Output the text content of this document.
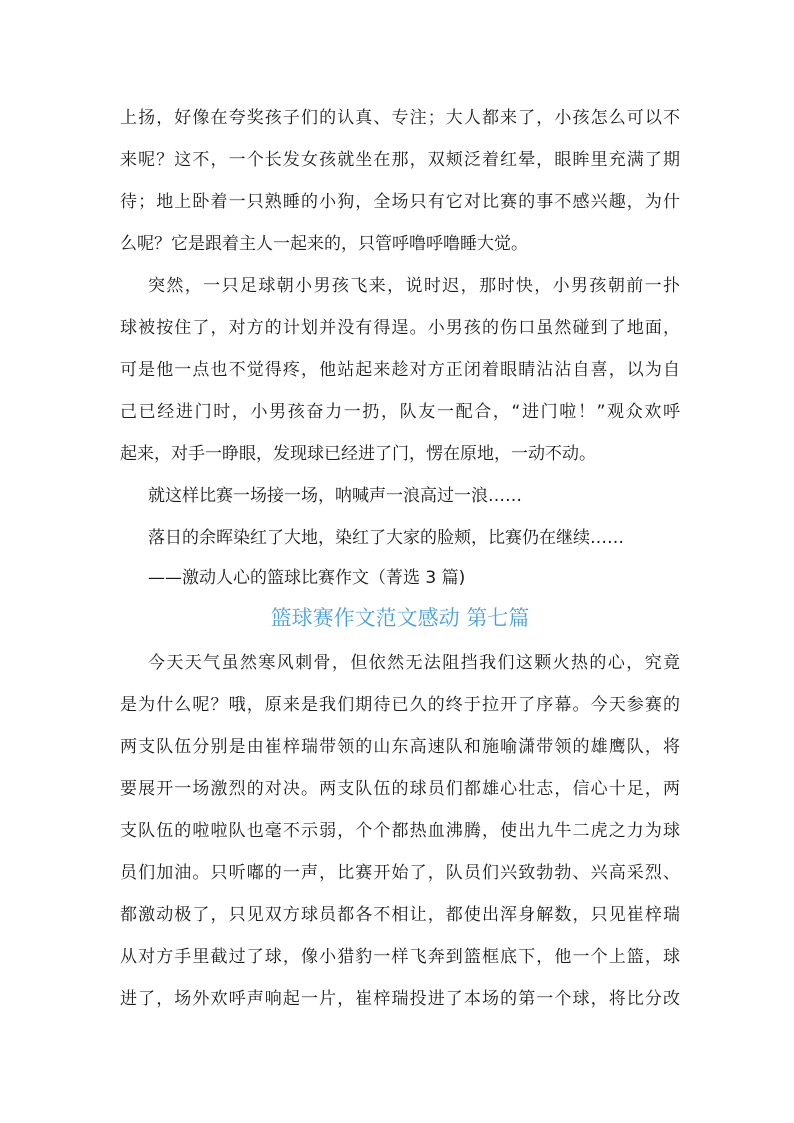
上扬，好像在夸奖孩子们的认真、专注；大人都来了，小孩怎么可以不
来呢？这不，一个长发女孩就坐在那，双颊泛着红晕，眼眸里充满了期
待；地上卧着一只熟睡的小狗，全场只有它对比赛的事不感兴趣，为什
么呢？它是跟着主人一起来的，只管呼噜呼噜睡大觉。
突然，一只足球朝小男孩飞来，说时迟，那时快，小男孩朝前一扑
球被按住了，对方的计划并没有得逞。小男孩的伤口虽然碰到了地面，
可是他一点也不觉得疼，他站起来趁对方正闭着眼睛沾沾自喜，以为自
己已经进门时，小男孩奋力一扔，队友一配合，“进门啦！”观众欢呼
起来，对手一睁眼，发现球已经进了门，愣在原地，一动不动。
就这样比赛一场接一场，呐喊声一浪高过一浪……
落日的余晖染红了大地，染红了大家的脸颊，比赛仍在继续……
——激动人心的篮球比赛作文（菁选 3 篇)
篮球赛作文范文感动 第七篇
今天天气虽然寒风刺骨，但依然无法阻挡我们这颗火热的心，究竟
是为什么呢？哦，原来是我们期待已久的终于拉开了序幕。今天参赛的
两支队伍分别是由崔梓瑞带领的山东高速队和施喻潇带领的雄鹰队，将
要展开一场激烈的对决。两支队伍的球员们都雄心壮志，信心十足，两
支队伍的啦啦队也毫不示弱，个个都热血沸腾，使出九牛二虎之力为球
员们加油。只听嘟的一声，比赛开始了，队员们兴致勃勃、兴高采烈、
都激动极了，只见双方球员都各不相让，都使出浑身解数，只见崔梓瑞
从对方手里截过了球，像小猎豹一样飞奔到篮框底下，他一个上篮，球
进了，场外欢呼声响起一片，崔梓瑞投进了本场的第一个球，将比分改
